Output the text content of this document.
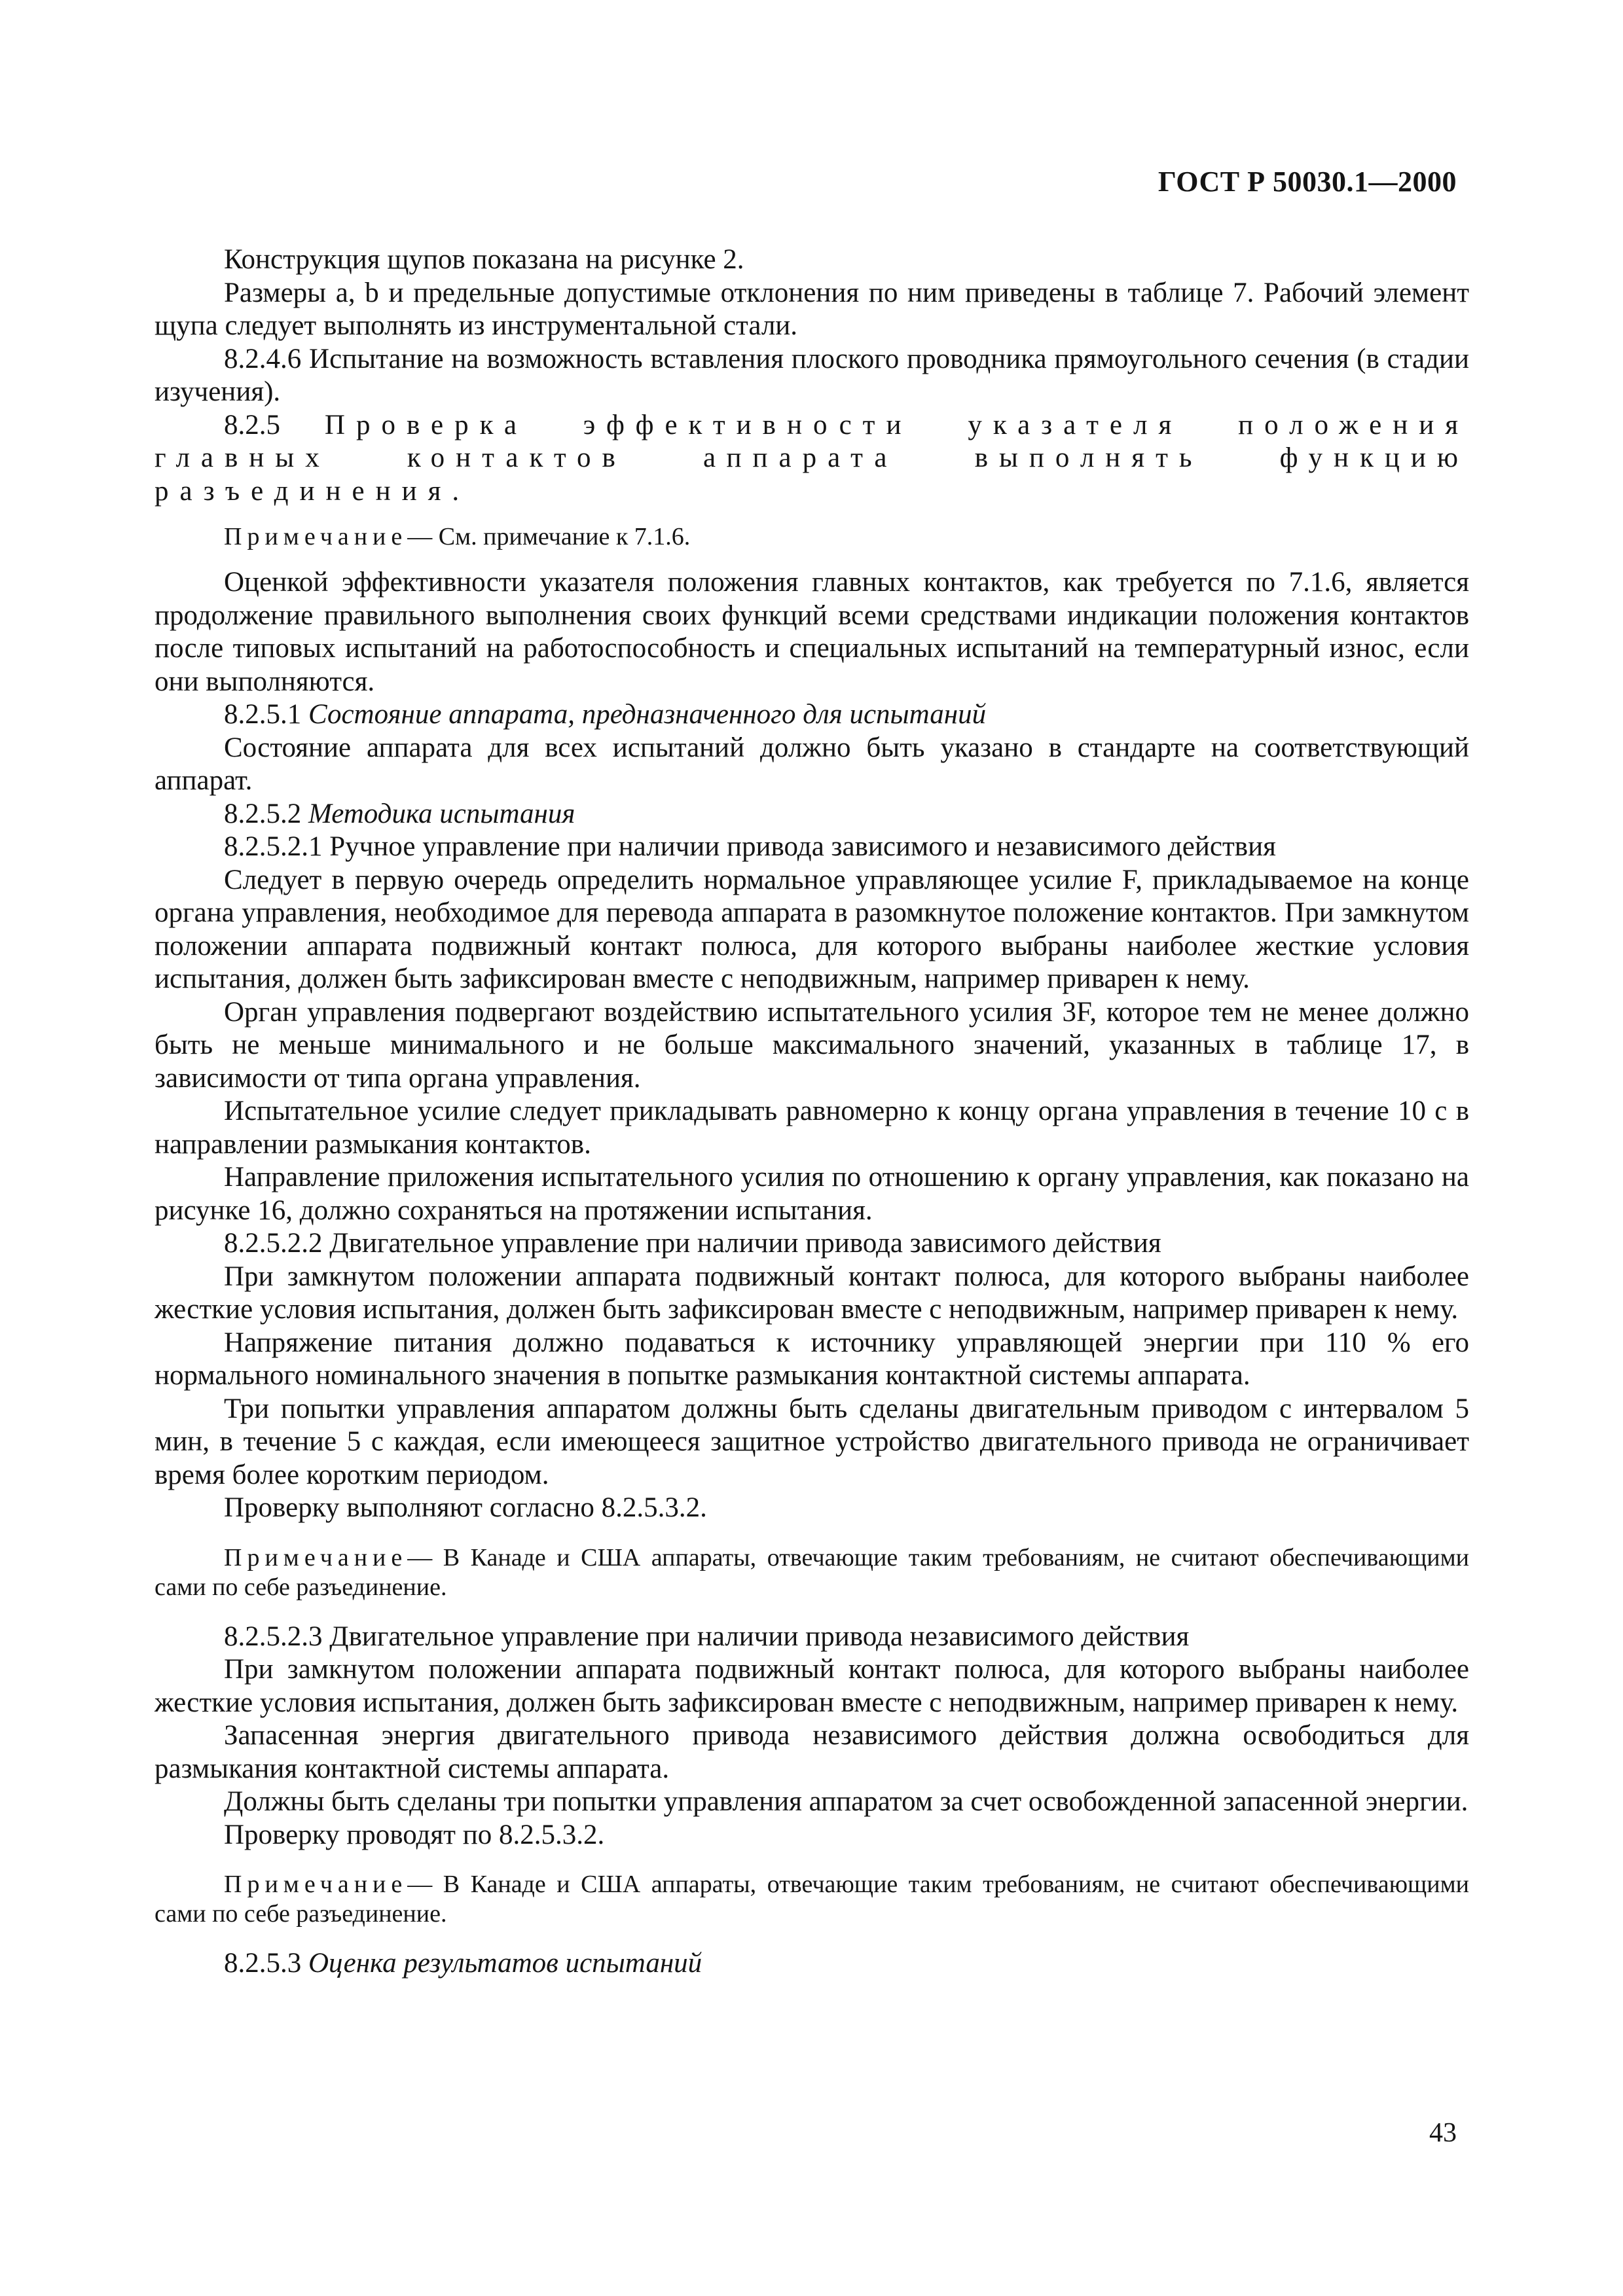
ГОСТ Р 50030.1—2000

Конструкция щупов показана на рисунке 2.

Размеры a, b и предельные допустимые отклонения по ним приведены в таблице 7. Рабочий элемент щупа следует выполнять из инструментальной стали.

8.2.4.6 Испытание на возможность вставления плоского проводника прямоугольного сечения (в стадии изучения).

8.2.5 Проверка эффективности указателя положения главных контактов аппарата выполнять функцию разъединения.

Примечание— См. примечание к 7.1.6.

Оценкой эффективности указателя положения главных контактов, как требуется по 7.1.6, является продолжение правильного выполнения своих функций всеми средствами индикации положения контактов после типовых испытаний на работоспособность и специальных испытаний на температурный износ, если они выполняются.

8.2.5.1 Состояние аппарата, предназначенного для испытаний

Состояние аппарата для всех испытаний должно быть указано в стандарте на соответствующий аппарат.

8.2.5.2 Методика испытания

8.2.5.2.1 Ручное управление при наличии привода зависимого и независимого действия

Следует в первую очередь определить нормальное управляющее усилие F, прикладываемое на конце органа управления, необходимое для перевода аппарата в разомкнутое положение контактов. При замкнутом положении аппарата подвижный контакт полюса, для которого выбраны наиболее жесткие условия испытания, должен быть зафиксирован вместе с неподвижным, например приварен к нему.

Орган управления подвергают воздействию испытательного усилия 3F, которое тем не менее должно быть не меньше минимального и не больше максимального значений, указанных в таблице 17, в зависимости от типа органа управления.

Испытательное усилие следует прикладывать равномерно к концу органа управления в течение 10 с в направлении размыкания контактов.

Направление приложения испытательного усилия по отношению к органу управления, как показано на рисунке 16, должно сохраняться на протяжении испытания.

8.2.5.2.2 Двигательное управление при наличии привода зависимого действия

При замкнутом положении аппарата подвижный контакт полюса, для которого выбраны наиболее жесткие условия испытания, должен быть зафиксирован вместе с неподвижным, например приварен к нему.

Напряжение питания должно подаваться к источнику управляющей энергии при 110 % его нормального номинального значения в попытке размыкания контактной системы аппарата.

Три попытки управления аппаратом должны быть сделаны двигательным приводом с интервалом 5 мин, в течение 5 с каждая, если имеющееся защитное устройство двигательного привода не ограничивает время более коротким периодом.

Проверку выполняют согласно 8.2.5.3.2.

Примечание— В Канаде и США аппараты, отвечающие таким требованиям, не считают обеспечивающими сами по себе разъединение.

8.2.5.2.3 Двигательное управление при наличии привода независимого действия

При замкнутом положении аппарата подвижный контакт полюса, для которого выбраны наиболее жесткие условия испытания, должен быть зафиксирован вместе с неподвижным, например приварен к нему.

Запасенная энергия двигательного привода независимого действия должна освободиться для размыкания контактной системы аппарата.

Должны быть сделаны три попытки управления аппаратом за счет освобожденной запасенной энергии.

Проверку проводят по 8.2.5.3.2.

Примечание— В Канаде и США аппараты, отвечающие таким требованиям, не считают обеспечивающими сами по себе разъединение.

8.2.5.3 Оценка результатов испытаний

43
